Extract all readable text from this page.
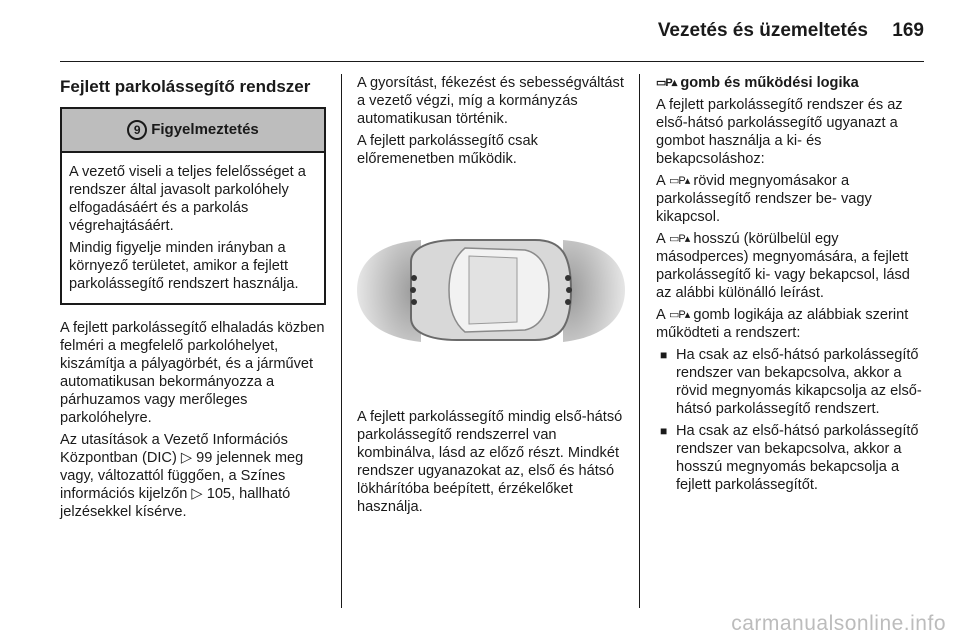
Vezetés és üzemeltetés 169
Fejlett parkolássegítő rendszer
9 Figyelmeztetés

A vezető viseli a teljes felelősséget a rendszer által javasolt parkolóhely elfogadásáért és a parkolás végrehajtásáért.

Mindig figyelje minden irányban a környező területet, amikor a fejlett parkolássegítő rendszert használja.

A fejlett parkolássegítő elhaladás közben felméri a megfelelő parkolóhelyet, kiszámítja a pályagörbét, és a járművet automatikusan bekormányozza a párhuzamos vagy merőleges parkolóhelyre.

Az utasítások a Vezető Információs Központban (DIC) ▷ 99 jelennek meg vagy, változattól függően, a Színes információs kijelzőn ▷ 105, hallható jelzésekkel kísérve.

A gyorsítást, fékezést és sebességváltást a vezető végzi, míg a kormányzás automatikusan történik.

A fejlett parkolássegítő csak előremenetben működik.

A fejlett parkolássegítő mindig első-hátsó parkolássegítő rendszerrel van kombinálva, lásd az előző részt. Mindkét rendszer ugyanazokat az, első és hátsó lökhárítóba beépített, érzékelőket használja.

▭P▴ gomb és működési logika

A fejlett parkolássegítő rendszer és az első-hátsó parkolássegítő ugyanazt a gombot használja a ki- és bekapcsoláshoz:

A ▭P▴ rövid megnyomásakor a parkolássegítő rendszer be- vagy kikapcsol.

A ▭P▴ hosszú (körülbelül egy másodperces) megnyomására, a fejlett parkolássegítő ki- vagy bekapcsol, lásd az alábbi különálló leírást.

A ▭P▴ gomb logikája az alábbiak szerint működteti a rendszert:

■ Ha csak az első-hátsó parkolássegítő rendszer van bekapcsolva, akkor a rövid megnyomás kikapcsolja az első-hátsó parkolássegítő rendszert.
■ Ha csak az első-hátsó parkolássegítő rendszer van bekapcsolva, akkor a hosszú megnyomás bekapcsolja a fejlett parkolássegítőt.
carmanualsonline.info
